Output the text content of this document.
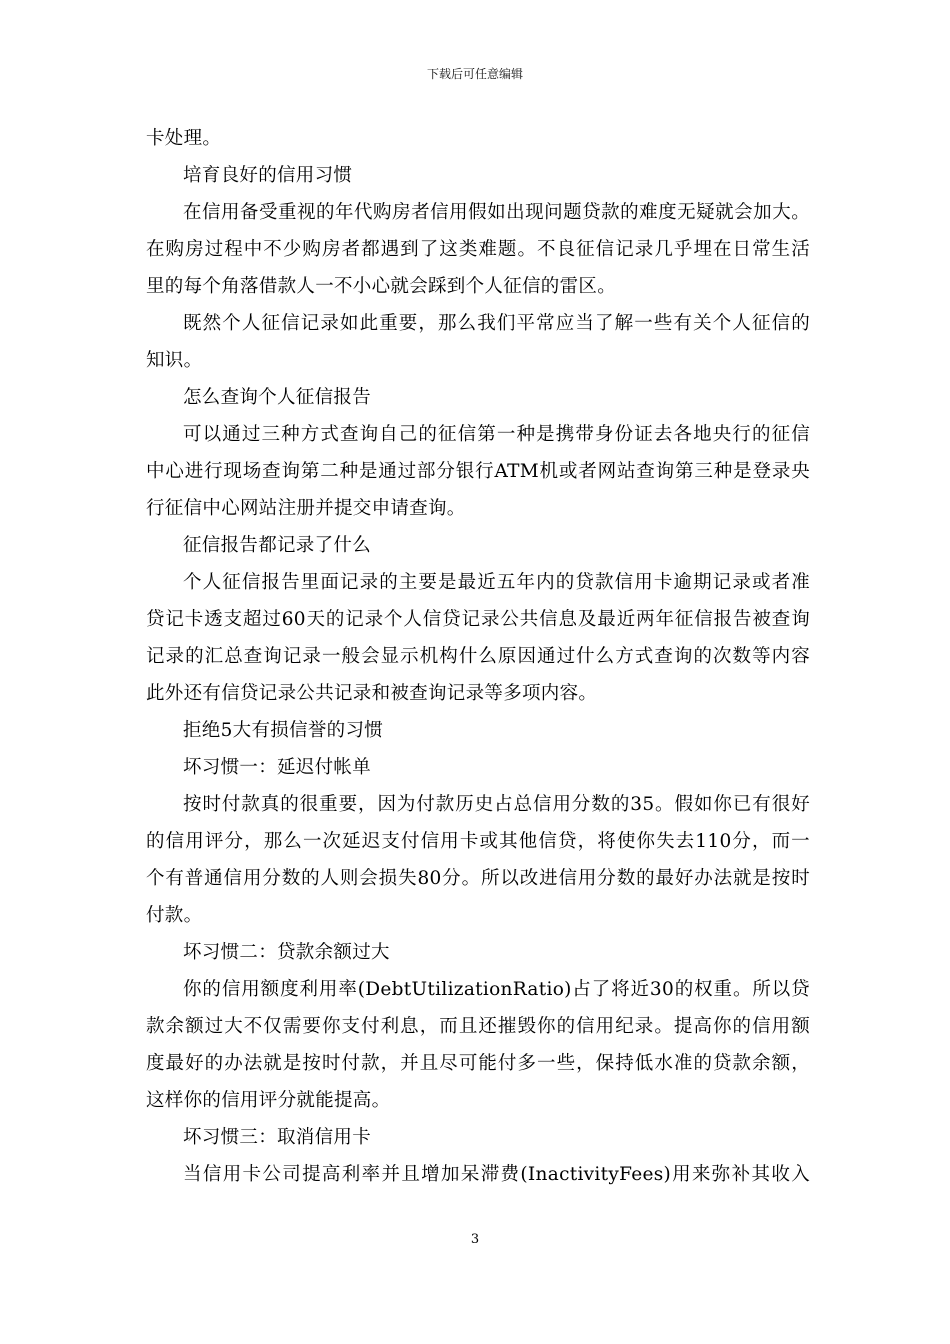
下载后可任意编辑
卡处理。
培育良好的信用习惯
在信用备受重视的年代购房者信用假如出现问题贷款的难度无疑就会加大。
在购房过程中不少购房者都遇到了这类难题。不良征信记录几乎埋在日常生活
里的每个角落借款人一不小心就会踩到个人征信的雷区。
既然个人征信记录如此重要，那么我们平常应当了解一些有关个人征信的
知识。
怎么查询个人征信报告
可以通过三种方式查询自己的征信第一种是携带身份证去各地央行的征信
中心进行现场查询第二种是通过部分银行ATM机或者网站查询第三种是登录央
行征信中心网站注册并提交申请查询。
征信报告都记录了什么
个人征信报告里面记录的主要是最近五年内的贷款信用卡逾期记录或者准
贷记卡透支超过60天的记录个人信贷记录公共信息及最近两年征信报告被查询
记录的汇总查询记录一般会显示机构什么原因通过什么方式查询的次数等内容
此外还有信贷记录公共记录和被查询记录等多项内容。
拒绝5大有损信誉的习惯
坏习惯一：延迟付帐单
按时付款真的很重要，因为付款历史占总信用分数的35。假如你已有很好
的信用评分，那么一次延迟支付信用卡或其他信贷，将使你失去110分，而一
个有普通信用分数的人则会损失80分。所以改进信用分数的最好办法就是按时
付款。
坏习惯二：贷款余额过大
你的信用额度利用率(DebtUtilizationRatio)占了将近30的权重。所以贷
款余额过大不仅需要你支付利息，而且还摧毁你的信用纪录。提高你的信用额
度最好的办法就是按时付款，并且尽可能付多一些，保持低水准的贷款余额，
这样你的信用评分就能提高。
坏习惯三：取消信用卡
当信用卡公司提高利率并且增加呆滞费(InactivityFees)用来弥补其收入
3
